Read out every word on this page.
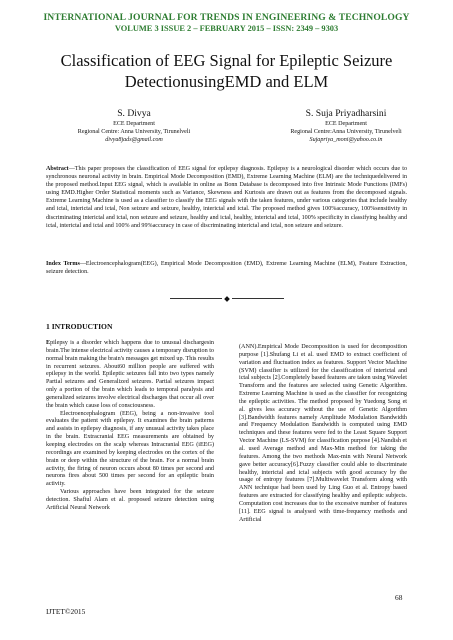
INTERNATIONAL JOURNAL FOR TRENDS IN ENGINEERING & TECHNOLOGY
VOLUME 3 ISSUE 2 – FEBRUARY 2015 – ISSN: 2349 – 9303
Classification of EEG Signal for Epileptic Seizure DetectionusingEMD and ELM
S. Divya
ECE Department
Regional Centre: Anna University, Tirunelveli
divya8jads@gmail.com
S. Suja Priyadharsini
ECE Department
Regional Centre:Anna University, Tirunelveli
Sujapriya_moni@yahoo.co.in
Abstract—This paper proposes the classification of EEG signal for epilepsy diagnosis. Epilepsy is a neurological disorder which occurs due to synchronous neuronal activity in brain. Empirical Mode Decomposition (EMD), Extreme Learning Machine (ELM) are the techniquedelivered in the proposed method.Input EEG signal, which is available in online as Bonn Database is decomposed into five Intrinsic Mode Functions (IMFs) using EMD.Higher Order Statistical moments such as Variance, Skewness and Kurtosis are drawn out as features from the decomposed signals. Extreme Learning Machine is used as a classifier to classify the EEG signals with the taken features, under various categories that include healthy and ictal, interictal and ictal, Non seizure and seizure, healthy, interictal and ictal. The proposed method gives 100%accuracy, 100%sensitivity in discriminating interictal and ictal, non seizure and seizure, healthy and ictal, healthy, interictal and ictal, 100% specificity in classifying healthy and ictal, interictal and ictal and 100% and 99%accuracy in case of discriminating interictal and ictal, non seizure and seizure.
Index Terms—Electroencephalogram(EEG), Empirical Mode Decomposition (EMD), Extreme Learning Machine (ELM), Feature Extraction, seizure detection.
1 INTRODUCTION

Epilepsy is a disorder which happens due to unusual dischargesin brain.The intense electrical activity causes a temporary disruption to normal brain making the brain's messages get mixed up. This results in recurrent seizures. About60 million people are suffered with epilepsy in the world. Epileptic seizures fall into two types namely Partial seizures and Generalized seizures. Partial seizures impact only a portion of the brain which leads to temporal paralysis and generalized seizures involve electrical discharges that occur all over the brain which cause loss of consciousness.

Electroencephalogram (EEG), being a non-invasive tool evaluates the patient with epilepsy. It examines the brain patterns and assists in epilepsy diagnosis, if any unusual activity takes place in the brain. Extracranial EEG measurements are obtained by keeping electrodes on the scalp whereas Intracranial EEG (iEEG) recordings are examined by keeping electrodes on the cortex of the brain or deep within the structure of the brain. For a normal brain activity, the firing of neuron occurs about 80 times per second and neurons fires about 500 times per second for an epileptic brain activity.

Various approaches have been integrated for the seizure detection. Shafiul Alam et al. proposed seizure detection using Artificial Neural Network

(ANN).Empirical Mode Decomposition is used for decomposition purpose [1].Shufang Li et al. used EMD to extract coefficient of variation and fluctuation index as features. Support Vector Machine (SVM) classifier is utilized for the classification of interictal and ictal subjects [2].Completely based features are taken using Wavelet Transform and the features are selected using Genetic Algorithm. Extreme Learning Machine is used as the classifier for recognizing the epileptic activities. The method proposed by Yuedong Song et al. gives less accuracy without the use of Genetic Algorithm [3].Bandwidth features namely Amplitude Modulation Bandwidth and Frequency Modulation Bandwidth is computed using EMD techniques and these features were fed to the Least Square Support Vector Machine (LS-SVM) for classification purpose [4].Nandish et al. used Average method and Max-Min method for taking the features. Among the two methods Max-min with Neural Network gave better accuracy[6].Fuzzy classifier could able to discriminate healthy, interictal and ictal subjects with good accuracy by the usage of entropy features [7].Multiwavelet Transform along with ANN technique had been used by Ling Guo et al. Entropy based features are extracted for classifying healthy and epileptic subjects. Computation cost increases due to the excessive number of features [11]. EEG signal is analysed with time-frequency methods and Artificial

68
IJTET©2015
